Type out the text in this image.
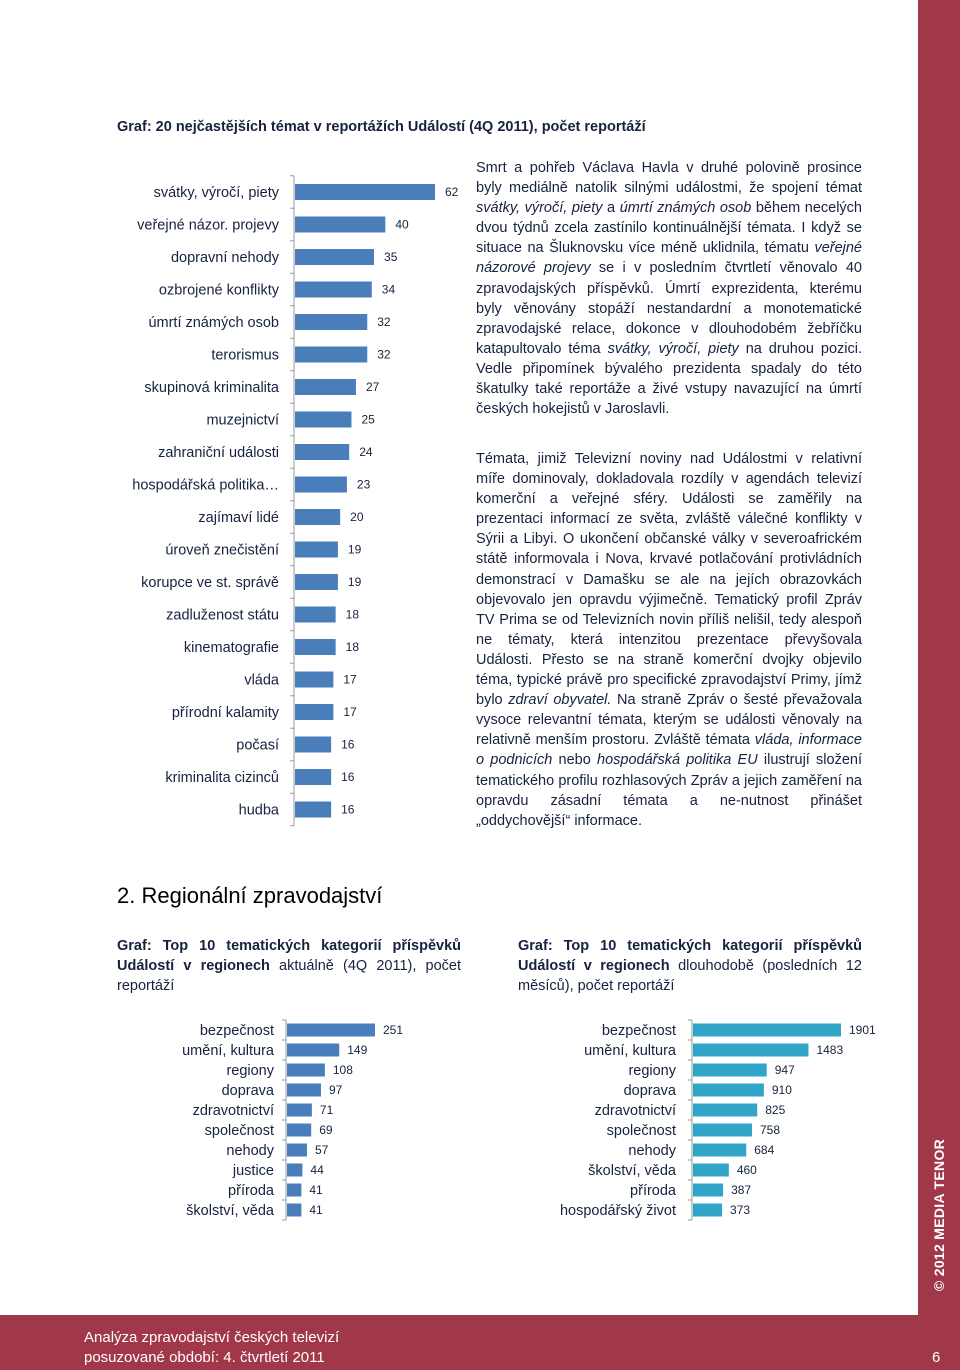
© 2012 MEDIA TENOR
Graf: 20 nejčastějších témat v reportážích Událostí (4Q 2011), počet reportáží
svátky, výročí, piety	62
veřejné názor. projevy	40
dopravní nehody	35
ozbrojené konflikty	34
úmrtí známých osob	32
terorismus	32
skupinová kriminalita	27
muzejnictví	25
zahraniční události	24
hospodářská politika…	23
zajímaví lidé	20
úroveň znečistění	19
korupce ve st. správě	19
zadluženost státu	18
kinematografie	18
vláda	17
přírodní kalamity	17
počasí	16
kriminalita cizinců	16
hudba	16
Smrt a pohřeb Václava Havla v druhé polovině prosince byly mediálně natolik silnými událostmi, že spojení témat svátky, výročí, piety a úmrtí známých osob během necelých dvou týdnů zcela zastínilo kontinuálnější témata. I když se situace na Šluknovsku více méně uklidnila, tématu veřejné názorové projevy se i v posledním čtvrtletí věnovalo 40 zpravodajských příspěvků. Úmrtí exprezidenta, kterému byly věnovány stopáží nestandardní a monotematické zpravodajské relace, dokonce v dlouhodobém žebříčku katapultovalo téma svátky, výročí, piety na druhou pozici. Vedle připomínek bývalého prezidenta spadaly do této škatulky také reportáže a živé vstupy navazující na úmrtí českých hokejistů v Jaroslavli.
Témata, jimiž Televizní noviny nad Událostmi v relativní míře dominovaly, dokladovala rozdíly v agendách televizí komerční a veřejné sféry. Události se zaměřily na prezentaci informací ze světa, zvláště válečné konflikty v Sýrii a Libyi. O ukončení občanské války v severoafrickém státě informovala i Nova, krvavé potlačování protivládních demonstrací v Damašku se ale na jejích obrazovkách objevovalo jen opravdu výjimečně. Tematický profil Zpráv TV Prima se od Televizních novin příliš nelišil, tedy alespoň ne tématy, která intenzitou prezentace převyšovala Události. Přesto se na straně komerční dvojky objevilo téma, typické právě pro specifické zpravodajství Primy, jímž bylo zdraví obyvatel. Na straně Zpráv o šesté převažovala vysoce relevantní témata, kterým se události věnovaly na relativně menším prostoru. Zvláště témata vláda, informace o podnicích nebo hospodářská politika EU ilustrují složení tematického profilu rozhlasových Zpráv a jejich zaměření na opravdu zásadní témata a ne-nutnost přinášet „oddychovější“ informace.
2. Regionální zpravodajství
Graf: Top 10 tematických kategorií příspěvků Událostí v regionech aktuálně (4Q 2011), počet reportáží
Graf: Top 10 tematických kategorií příspěvků Událostí v regionech dlouhodobě (posledních 12 měsíců), počet reportáží
bezpečnost	251
umění, kultura	149
regiony	108
doprava	97
zdravotnictví	71
společnost	69
nehody	57
justice	44
příroda	41
školství, věda	41
bezpečnost	1901
umění, kultura	1483
regiony	947
doprava	910
zdravotnictví	825
společnost	758
nehody	684
školství, věda	460
příroda	387
hospodářský život	373
Analýza zpravodajství českých televizí
posuzované období: 4. čtvrtletí 2011	6
